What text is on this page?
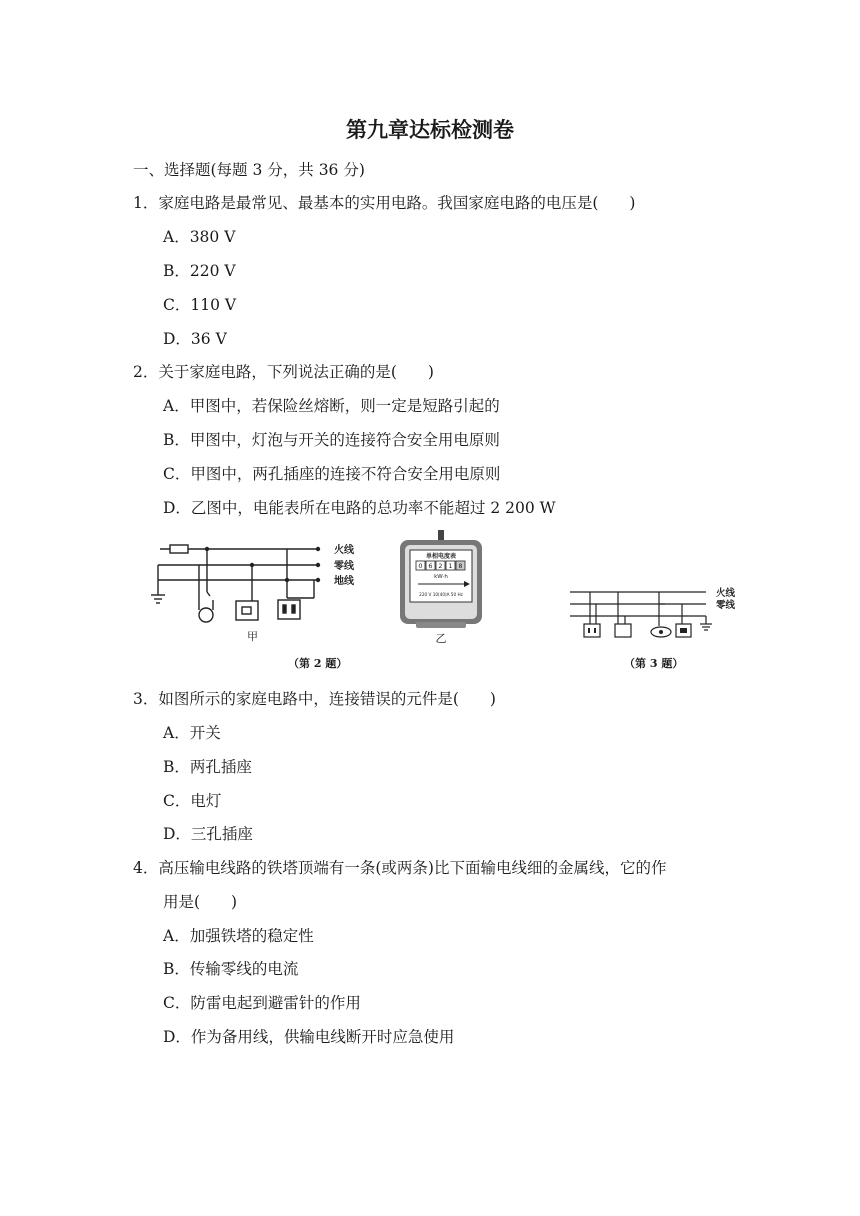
第九章达标检测卷
一、选择题(每题 3 分，共 36 分)
1．家庭电路是最常见、最基本的实用电路。我国家庭电路的电压是(　　)
A．380 V
B．220 V
C．110 V
D．36 V
2．关于家庭电路，下列说法正确的是(　　)
A．甲图中，若保险丝熔断，则一定是短路引起的
B．甲图中，灯泡与开关的连接符合安全用电原则
C．甲图中，两孔插座的连接不符合安全用电原则
D．乙图中，电能表所在电路的总功率不能超过 2 200 W
火线
零线
地线
甲
（第 2 题）
单相电度表
0 6 2 1 8
kW·h
220 V 10(40)A 50 Hz
乙
火线
零线
（第 3 题）
3．如图所示的家庭电路中，连接错误的元件是(　　)
A．开关
B．两孔插座
C．电灯
D．三孔插座
4．高压输电线路的铁塔顶端有一条(或两条)比下面输电线细的金属线，它的作
用是(　　)
A．加强铁塔的稳定性
B．传输零线的电流
C．防雷电起到避雷针的作用
D．作为备用线，供输电线断开时应急使用
